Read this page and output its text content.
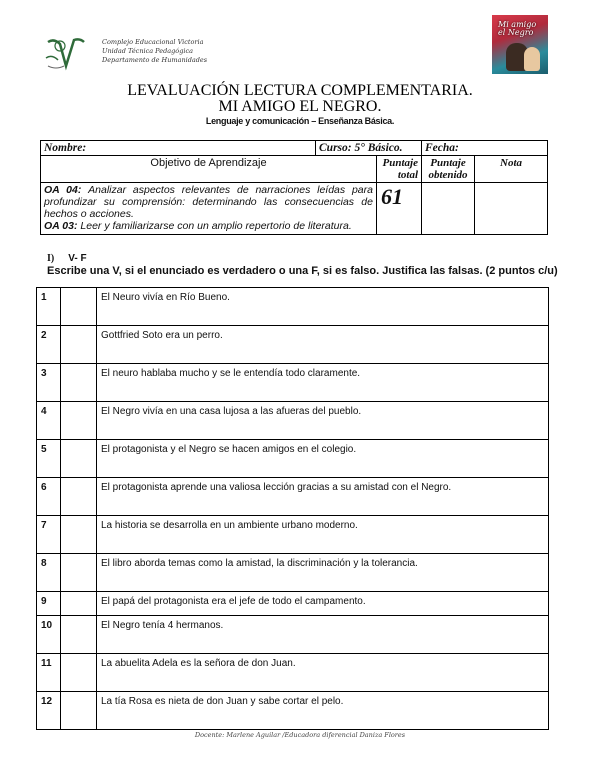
Complejo Educacional Victoria
Unidad Técnica Pedagógica
Departamento de Humanidades
Mi amigo
el Negro
LEVALUACIÓN LECTURA COMPLEMENTARIA.
MI AMIGO EL NEGRO.
Lenguaje y comunicación – Enseñanza Básica.
Nombre:	Curso: 5° Básico.		Fecha:	
Objetivo de Aprendizaje		Puntaje total	Puntaje obtenido	Nota
OA 04: Analizar aspectos relevantes de narraciones leídas para profundizar su comprensión: determinando las consecuencias de hechos o acciones.
OA 03: Leer y familiarizarse con un amplio repertorio de literatura.		61		
I) V- F
Escribe una V, si el enunciado es verdadero o una F, si es falso. Justifica las falsas. (2 puntos c/u)
1		El Neuro vivía en Río Bueno.
2		Gottfried Soto era un perro.
3		El neuro hablaba mucho y se le entendía todo claramente.
4		El Negro vivía en una casa lujosa a las afueras del pueblo.
5		El protagonista y el Negro se hacen amigos en el colegio.
6		El protagonista aprende una valiosa lección gracias a su amistad con el Negro.
7		La historia se desarrolla en un ambiente urbano moderno.
8		El libro aborda temas como la amistad, la discriminación y la tolerancia.
9		El papá del protagonista era el jefe de todo el campamento.
10		El Negro tenía 4 hermanos.
11		La abuelita Adela es la señora de don Juan.
12		La tía Rosa es nieta de don Juan y sabe cortar el pelo.
Docente: Marlene Aguilar /Educadora diferencial Daniza Flores
